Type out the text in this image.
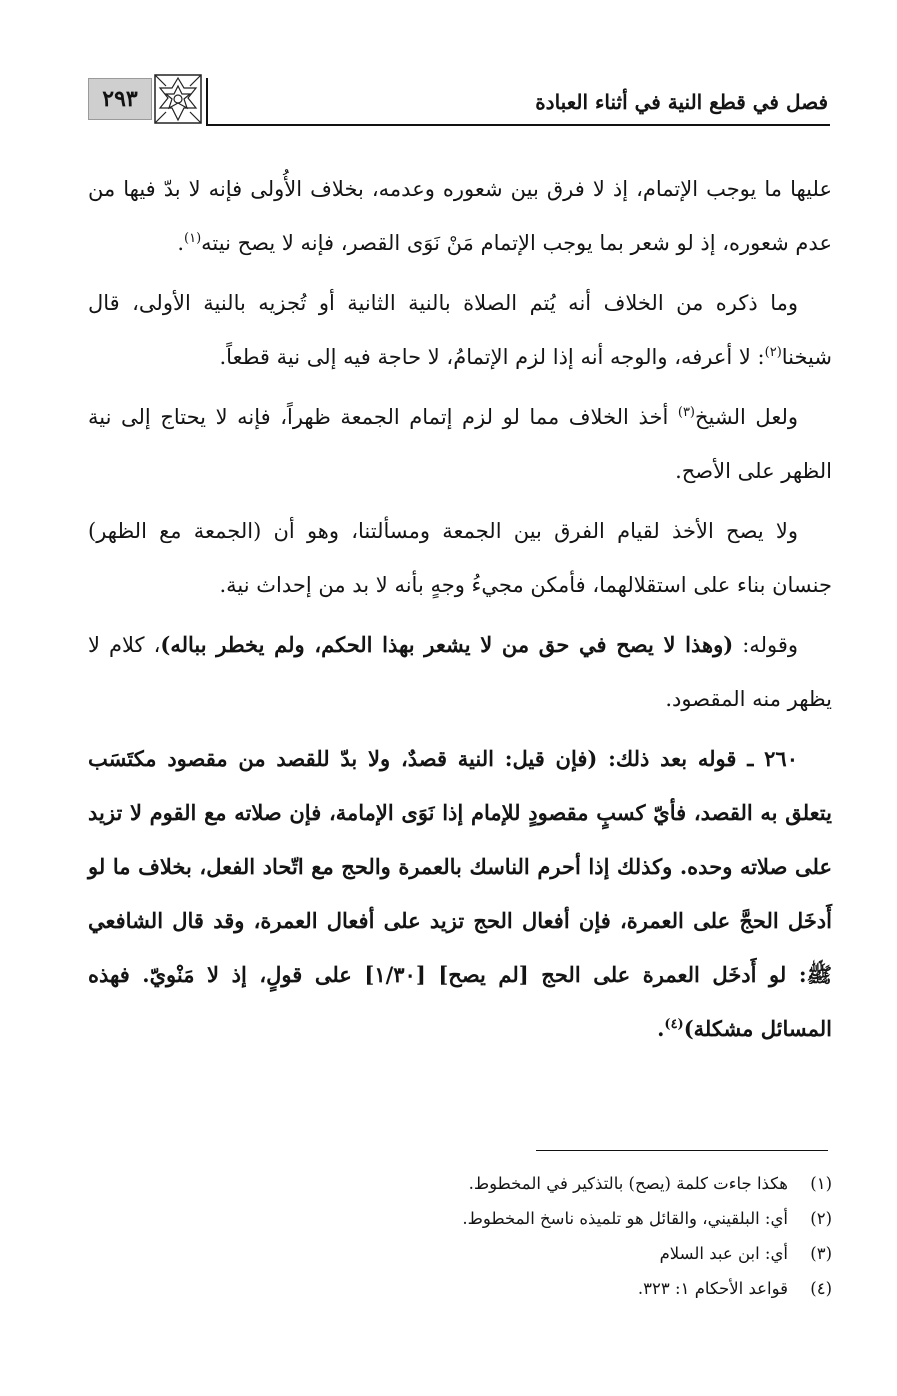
٢٩٣	فصل في قطع النية في أثناء العبادة

عليها ما يوجب الإتمام، إذ لا فرق بين شعوره وعدمه، بخلاف الأُولى فإنه لا بدّ فيها من عدم شعوره، إذ لو شعر بما يوجب الإتمام مَنْ نَوَى القصر، فإنه لا يصح نيته$^{(١)}$.

وما ذكره من الخلاف أنه يُتم الصلاة بالنية الثانية أو تُجزيه بالنية الأولى، قال شيخنا$^{(٢)}$: لا أعرفه، والوجه أنه إذا لزم الإتمامُ، لا حاجة فيه إلى نية قطعاً.

ولعل الشيخ$^{(٣)}$ أخذ الخلاف مما لو لزم إتمام الجمعة ظهراً، فإنه لا يحتاج إلى نية الظهر على الأصح.

ولا يصح الأخذ لقيام الفرق بين الجمعة ومسألتنا، وهو أن (الجمعة مع الظهر) جنسان بناء على استقلالهما، فأمكن مجيءُ وجهٍ بأنه لا بد من إحداث نية.

وقوله: (وهذا لا يصح في حق من لا يشعر بهذا الحكم، ولم يخطر بباله)، كلام لا يظهر منه المقصود.

٢٦٠ ـ قوله بعد ذلك: (فإن قيل: النية قصدٌ، ولا بدّ للقصد من مقصود مكتَسَب يتعلق به القصد، فأيّ كسبٍ مقصودٍ للإمام إذا نَوَى الإمامة، فإن صلاته مع القوم لا تزيد على صلاته وحده. وكذلك إذا أحرم الناسك بالعمرة والحج مع اتّحاد الفعل، بخلاف ما لو أَدخَل الحجَّ على العمرة، فإن أفعال الحج تزيد على أفعال العمرة، وقد قال الشافعي ﷺ: لو أَدخَل العمرة على الحج [لم يصح] [١/٣٠] على قولٍ، إذ لا مَنْويّ. فهذه المسائل مشكلة)$^{(٤)}$.

(١)
هكذا جاءت كلمة (يصح) بالتذكير في المخطوط.
(٢)
أي: البلقيني، والقائل هو تلميذه ناسخ المخطوط.
(٣)
أي: ابن عبد السلام
(٤)
قواعد الأحكام ١: ٣٢٣.
